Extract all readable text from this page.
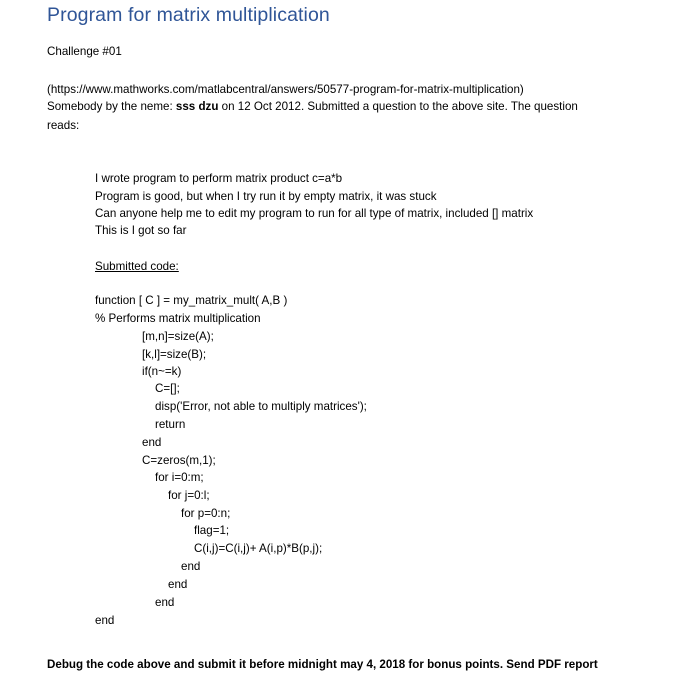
Program for matrix multiplication
Challenge #01
(https://www.mathworks.com/matlabcentral/answers/50577-program-for-matrix-multiplication)
Somebody by the neme: sss dzu on 12 Oct 2012. Submitted a question to the above site. The question
reads:
I wrote program to perform matrix product c=a*b
Program is good, but when I try run it by empty matrix, it was stuck
Can anyone help me to edit my program to run for all type of matrix, included [] matrix
This is I got so far
Submitted code:
function [ C ] = my_matrix_mult( A,B )
% Performs matrix multiplication
[m,n]=size(A);
[k,l]=size(B);
if(n~=k)
C=[];
disp('Error, not able to multiply matrices');
return
end
C=zeros(m,1);
for i=0:m;
for j=0:l;
for p=0:n;
flag=1;
C(i,j)=C(i,j)+ A(i,p)*B(p,j);
end
end
end
end
Debug the code above and submit it before midnight may 4, 2018 for bonus points. Send PDF report
